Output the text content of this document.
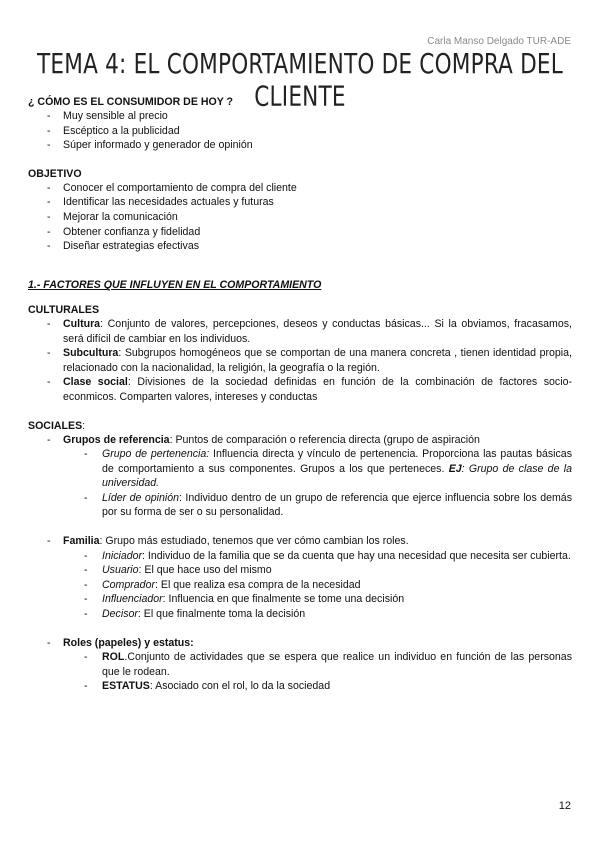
Carla Manso Delgado TUR-ADE
TEMA 4: EL COMPORTAMIENTO DE COMPRA DEL CLIENTE

¿ CÓMO ES EL CONSUMIDOR DE HOY ?

- Muy sensible al precio
- Escéptico a la publicidad
- Súper informado y generador de opinión

OBJETIVO

- Conocer el comportamiento de compra del cliente
- Identificar las necesidades actuales y futuras
- Mejorar la comunicación
- Obtener confianza y fidelidad
- Diseñar estrategias efectivas

1.- FACTORES QUE INFLUYEN EN EL COMPORTAMIENTO

CULTURALES

- Cultura: Conjunto de valores, percepciones, deseos y conductas básicas... Si la obviamos, fracasamos, será difícil de cambiar en los individuos.
- Subcultura: Subgrupos homogéneos que se comportan de una manera concreta , tienen identidad propia, relacionado con la nacionalidad, la religión, la geografía o la región.
- Clase social: Divisiones de la sociedad definidas en función de la combinación de factores socio-econmicos. Comparten valores, intereses y conductas

SOCIALES:

- Grupos de referencia: Puntos de comparación o referencia directa (grupo de aspiración
- Grupo de pertenencia: Influencia directa y vínculo de pertenencia. Proporciona las pautas básicas de comportamiento a sus componentes. Grupos a los que perteneces. EJ: Grupo de clase de la universidad.
- Líder de opinión: Individuo dentro de un grupo de referencia que ejerce influencia sobre los demás por su forma de ser o su personalidad.
- Familia: Grupo más estudiado, tenemos que ver cómo cambian los roles.
- Iniciador: Individuo de la familia que se da cuenta que hay una necesidad que necesita ser cubierta.
- Usuario: El que hace uso del mismo
- Comprador: El que realiza esa compra de la necesidad
- Influenciador: Influencia en que finalmente se tome una decisión
- Decisor: El que finalmente toma la decisión
- Roles (papeles) y estatus:
- ROL.Conjunto de actividades que se espera que realice un individuo en función de las personas que le rodean.
- ESTATUS: Asociado con el rol, lo da la sociedad
12
